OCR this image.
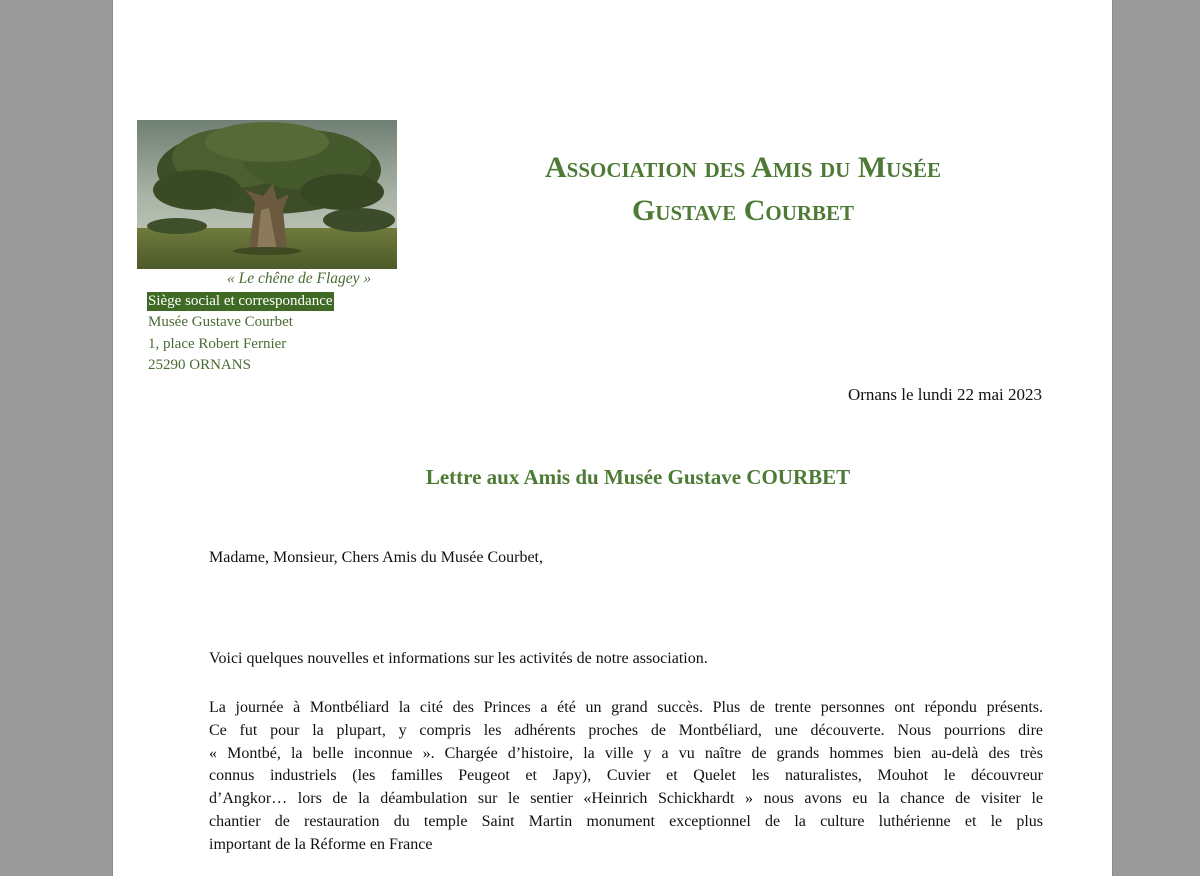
« Le chêne de Flagey »
Siège social et correspondance
Musée Gustave Courbet
1, place Robert Fernier
25290 ORNANS
Association des Amis du Musée
Gustave Courbet
Ornans le lundi 22 mai 2023
Lettre aux Amis du Musée Gustave COURBET
Madame, Monsieur, Chers Amis du Musée Courbet,
Voici quelques nouvelles et informations sur les activités de notre association.
La journée à Montbéliard la cité des Princes a été un grand succès. Plus de trente personnes ont répondu présents.
Ce fut pour la plupart, y compris les adhérents proches de Montbéliard, une découverte. Nous pourrions dire
« Montbé, la belle inconnue ». Chargée d’histoire, la ville y a vu naître de grands hommes bien au-delà des très
connus industriels (les familles Peugeot et Japy), Cuvier et Quelet les naturalistes, Mouhot le découvreur
d’Angkor… lors de la déambulation sur le sentier «Heinrich Schickhardt » nous avons eu la chance de visiter le
chantier de restauration du temple Saint Martin monument exceptionnel de la culture luthérienne et le plus
important de la Réforme en France
